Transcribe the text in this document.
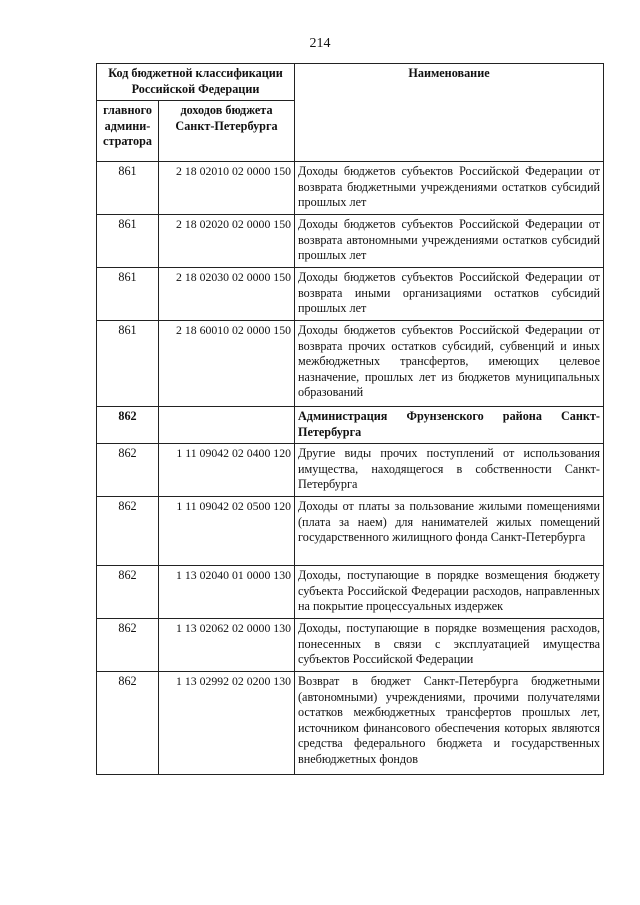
214
Код бюджетной классификации Российской Федерации		Наименование
главного админи-стратора	доходов бюджета Санкт-Петербурга	
861	2 18 02010 02 0000 150	Доходы бюджетов субъектов Российской Федерации от возврата бюджетными учреждениями остатков субсидий прошлых лет
861	2 18 02020 02 0000 150	Доходы бюджетов субъектов Российской Федерации от возврата автономными учреждениями остатков субсидий прошлых лет
861	2 18 02030 02 0000 150	Доходы бюджетов субъектов Российской Федерации от возврата иными организациями остатков субсидий прошлых лет
861	2 18 60010 02 0000 150	Доходы бюджетов субъектов Российской Федерации от возврата прочих остатков субсидий, субвенций и иных межбюджетных трансфертов, имеющих целевое назначение, прошлых лет из бюджетов муниципальных образований
862		Администрация Фрунзенского района Санкт-Петербурга
862	1 11 09042 02 0400 120	Другие виды прочих поступлений от использования имущества, находящегося в собственности Санкт-Петербурга
862	1 11 09042 02 0500 120	Доходы от платы за пользование жилыми помещениями (плата за наем) для нанимателей жилых помещений государственного жилищного фонда Санкт-Петербурга
862	1 13 02040 01 0000 130	Доходы, поступающие в порядке возмещения бюджету субъекта Российской Федерации расходов, направленных на покрытие процессуальных издержек
862	1 13 02062 02 0000 130	Доходы, поступающие в порядке возмещения расходов, понесенных в связи с эксплуатацией имущества субъектов Российской Федерации
862	1 13 02992 02 0200 130	Возврат в бюджет Санкт-Петербурга бюджетными (автономными) учреждениями, прочими получателями остатков межбюджетных трансфертов прошлых лет, источником финансового обеспечения которых являются средства федерального бюджета и государственных внебюджетных фондов
